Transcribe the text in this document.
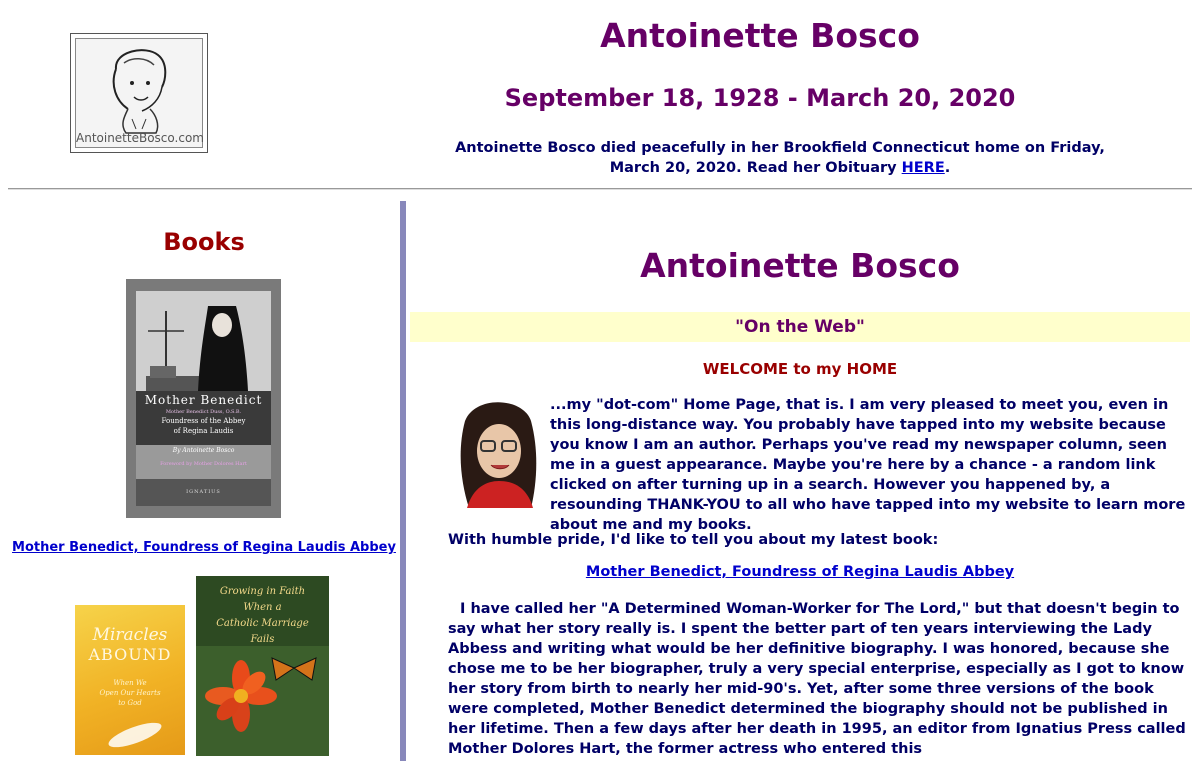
AntoinetteBosco.com
Antoinette Bosco
September 18, 1928 - March 20, 2020

Antoinette Bosco died peacefully in her Brookfield Connecticut home on Friday, March 20, 2020. Read her Obituary HERE.

Books
Mother Benedict
Mother Benedict Duss, O.S.B.
Foundress of the Abbey
of Regina Laudis
By Antoinette Bosco
Foreword by Mother Dolores Hart
IGNATIUS
Mother Benedict, Foundress of Regina Laudis Abbey
Miracles
ABOUND
When We
Open Our Hearts
to God
Growing in Faith
When a
Catholic Marriage
Fails
Antoinette Bosco
"On the Web"
WELCOME to my HOME

...my "dot-com" Home Page, that is. I am very pleased to meet you, even in this long-distance way. You probably have tapped into my website because you know I am an author. Perhaps you've read my newspaper column, seen me in a guest appearance. Maybe you're here by a chance - a random link clicked on after turning up in a search. However you happened by, a resounding THANK-YOU to all who have tapped into my website to learn more about me and my books.

With humble pride, I'd like to tell you about my latest book:

Mother Benedict, Foundress of Regina Laudis Abbey

I have called her "A Determined Woman-Worker for The Lord," but that doesn't begin to say what her story really is. I spent the better part of ten years interviewing the Lady Abbess and writing what would be her definitive biography. I was honored, because she chose me to be her biographer, truly a very special enterprise, especially as I got to know her story from birth to nearly her mid-90's. Yet, after some three versions of the book were completed, Mother Benedict determined the biography should not be published in her lifetime. Then a few days after her death in 1995, an editor from Ignatius Press called Mother Dolores Hart, the former actress who entered this
